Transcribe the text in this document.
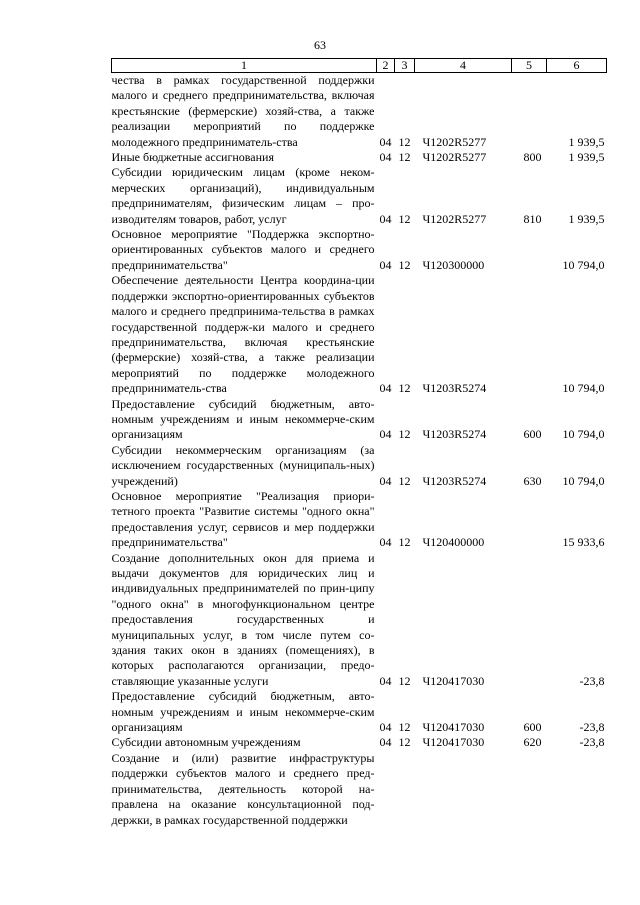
63
1	2	3	4	5	6
чества в рамках государственной поддержки малого и среднего предпринимательства, включая крестьянские (фермерские) хозяй-ства, а также реализации мероприятий по поддержке молодежного предприниматель-ства	04	12	Ч1202R5277		1 939,5
Иные бюджетные ассигнования	04	12	Ч1202R5277	800	1 939,5
Субсидии юридическим лицам (кроме неком-мерческих организаций), индивидуальным предпринимателям, физическим лицам – про-изводителям товаров, работ, услуг	04	12	Ч1202R5277	810	1 939,5
Основное мероприятие "Поддержка экспортно-ориентированных субъектов малого и среднего предпринимательства"	04	12	Ч120300000		10 794,0
Обеспечение деятельности Центра координа-ции поддержки экспортно-ориентированных субъектов малого и среднего предпринима-тельства в рамках государственной поддерж-ки малого и среднего предпринимательства, включая крестьянские (фермерские) хозяй-ства, а также реализации мероприятий по поддержке молодежного предприниматель-ства	04	12	Ч1203R5274		10 794,0
Предоставление субсидий бюджетным, авто-номным учреждениям и иным некоммерче-ским организациям	04	12	Ч1203R5274	600	10 794,0
Субсидии некоммерческим организациям (за исключением государственных (муниципаль-ных) учреждений)	04	12	Ч1203R5274	630	10 794,0
Основное мероприятие "Реализация приори-тетного проекта "Развитие системы "одного окна" предоставления услуг, сервисов и мер поддержки предпринимательства"	04	12	Ч120400000		15 933,6
Создание дополнительных окон для приема и выдачи документов для юридических лиц и индивидуальных предпринимателей по прин-ципу "одного окна" в многофункциональном центре предоставления государственных и муниципальных услуг, в том числе путем со-здания таких окон в зданиях (помещениях), в которых располагаются организации, предо-ставляющие указанные услуги	04	12	Ч120417030		-23,8
Предоставление субсидий бюджетным, авто-номным учреждениям и иным некоммерче-ским организациям	04	12	Ч120417030	600	-23,8
Субсидии автономным учреждениям	04	12	Ч120417030	620	-23,8
Создание и (или) развитие инфраструктуры поддержки субъектов малого и среднего пред-принимательства, деятельность которой на-правлена на оказание консультационной под-держки, в рамках государственной поддержки					
